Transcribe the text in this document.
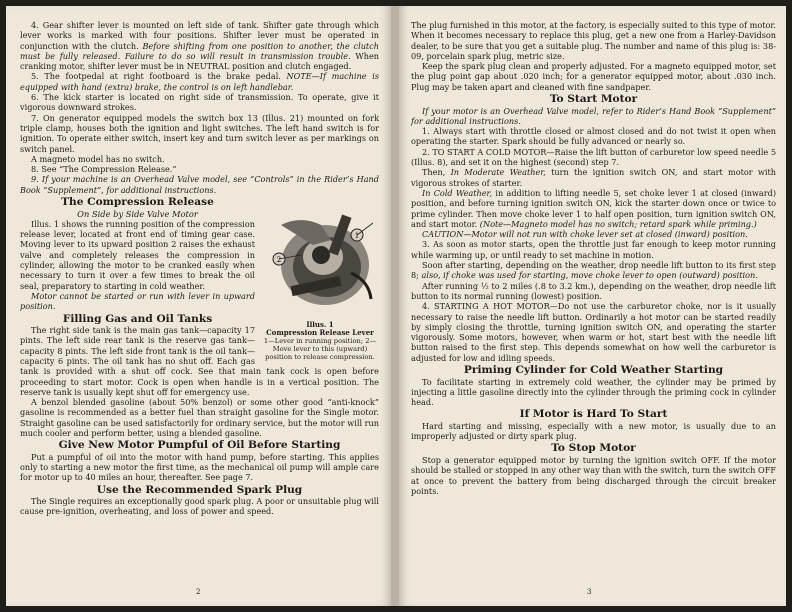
4. Gear shifter lever is mounted on left side of tank. Shifter gate through which lever works is marked with four positions. Shifter lever must be operated in conjunction with the clutch. Before shifting from one position to another, the clutch must be fully released. Failure to do so will result in transmission trouble. When cranking motor, shifter lever must be in NEUTRAL position and clutch engaged.

5. The footpedal at right footboard is the brake pedal. NOTE—If machine is equipped with hand (extra) brake, the control is on left handlebar.

6. The kick starter is located on right side of transmission. To operate, give it vigorous downward strokes.

7. On generator equipped models the switch box 13 (Illus. 21) mounted on fork triple clamp, houses both the ignition and light switches. The left hand switch is for ignition. To operate either switch, insert key and turn switch lever as per markings on switch panel.

A magneto model has no switch.

8. See “The Compression Release.”

9. If your machine is an Overhead Valve model, see “Controls” in the Rider’s Hand Book “Supplement”, for additional instructions.

1
2
Illus. 1
Compression Release Lever
1—Lever in running position; 2—Move lever to this (upward) position to release compression.
The Compression Release
On Side by Side Valve Motor

Illus. 1 shows the running position of the compression release lever, located at front end of timing gear case. Moving lever to its upward position 2 raises the exhaust valve and completely releases the compression in cylinder, allowing the motor to be cranked easily when necessary to turn it over a few times to break the oil seal, preparatory to starting in cold weather.

Motor cannot be started or run with lever in upward position.

Filling Gas and Oil Tanks

The right side tank is the main gas tank—capacity 17 pints. The left side rear tank is the reserve gas tank—capacity 8 pints. The left side front tank is the oil tank—capacity 6 pints. The oil tank has no shut off. Each gas tank is provided with a shut off cock. See that main tank cock is open before proceeding to start motor. Cock is open when handle is in a vertical position. The reserve tank is usually kept shut off for emergency use.

A benzol blended gasoline (about 50% benzol) or some other good “anti-knock” gasoline is recommended as a better fuel than straight gasoline for the Single motor. Straight gasoline can be used satisfactorily for ordinary service, but the motor will run much cooler and perform better, using a blended gasoline.

Give New Motor Pumpful of Oil Before Starting

Put a pumpful of oil into the motor with hand pump, before starting. This applies only to starting a new motor the first time, as the mechanical oil pump will ample care for motor up to 40 miles an hour, thereafter. See page 7.

Use the Recommended Spark Plug

The Single requires an exceptionally good spark plug. A poor or unsuitable plug will cause pre-ignition, overheating, and loss of power and speed.

2

The plug furnished in this motor, at the factory, is especially suited to this type of motor. When it becomes necessary to replace this plug, get a new one from a Harley-Davidson dealer, to be sure that you get a suitable plug. The number and name of this plug is: 38-09, porcelain spark plug, metric size.

Keep the spark plug clean and properly adjusted. For a magneto equipped motor, set the plug point gap about .020 inch; for a generator equipped motor, about .030 inch. Plug may be taken apart and cleaned with fine sandpaper.

To Start Motor

If your motor is an Overhead Valve model, refer to Rider’s Hand Book “Supplement” for additional instructions.

1. Always start with throttle closed or almost closed and do not twist it open when operating the starter. Spark should be fully advanced or nearly so.

2. TO START A COLD MOTOR—Raise the lift button of carburetor low speed needle 5 (Illus. 8), and set it on the highest (second) step 7.

Then, In Moderate Weather, turn the ignition switch ON, and start motor with vigorous strokes of starter.

In Cold Weather, in addition to lifting needle 5, set choke lever 1 at closed (inward) position, and before turning ignition switch ON, kick the starter down once or twice to prime cylinder. Then move choke lever 1 to half open position, turn ignition switch ON, and start motor. (Note—Magneto model has no switch; retard spark while priming.)

CAUTION—Motor will not run with choke lever set at closed (inward) position.

3. As soon as motor starts, open the throttle just far enough to keep motor running while warming up, or until ready to set machine in motion.

Soon after starting, depending on the weather, drop needle lift button to its first step 8; also, if choke was used for starting, move choke lever to open (outward) position.

After running ½ to 2 miles (.8 to 3.2 km.), depending on the weather, drop needle lift button to its normal running (lowest) position.

4. STARTING A HOT MOTOR—Do not use the carburetor choke, nor is it usually necessary to raise the needle lift button. Ordinarily a hot motor can be started readily by simply closing the throttle, turning ignition switch ON, and operating the starter vigorously. Some motors, however, when warm or hot, start best with the needle lift button raised to the first step. This depends somewhat on how well the carburetor is adjusted for low and idling speeds.

Priming Cylinder for Cold Weather Starting

To facilitate starting in extremely cold weather, the cylinder may be primed by injecting a little gasoline directly into the cylinder through the priming cock in cylinder head.

If Motor is Hard To Start

Hard starting and missing, especially with a new motor, is usually due to an improperly adjusted or dirty spark plug.

To Stop Motor

Stop a generator equipped motor by turning the ignition switch OFF. If the motor should be stalled or stopped in any other way than with the switch, turn the switch OFF at once to prevent the battery from being discharged through the circuit breaker points.

3
